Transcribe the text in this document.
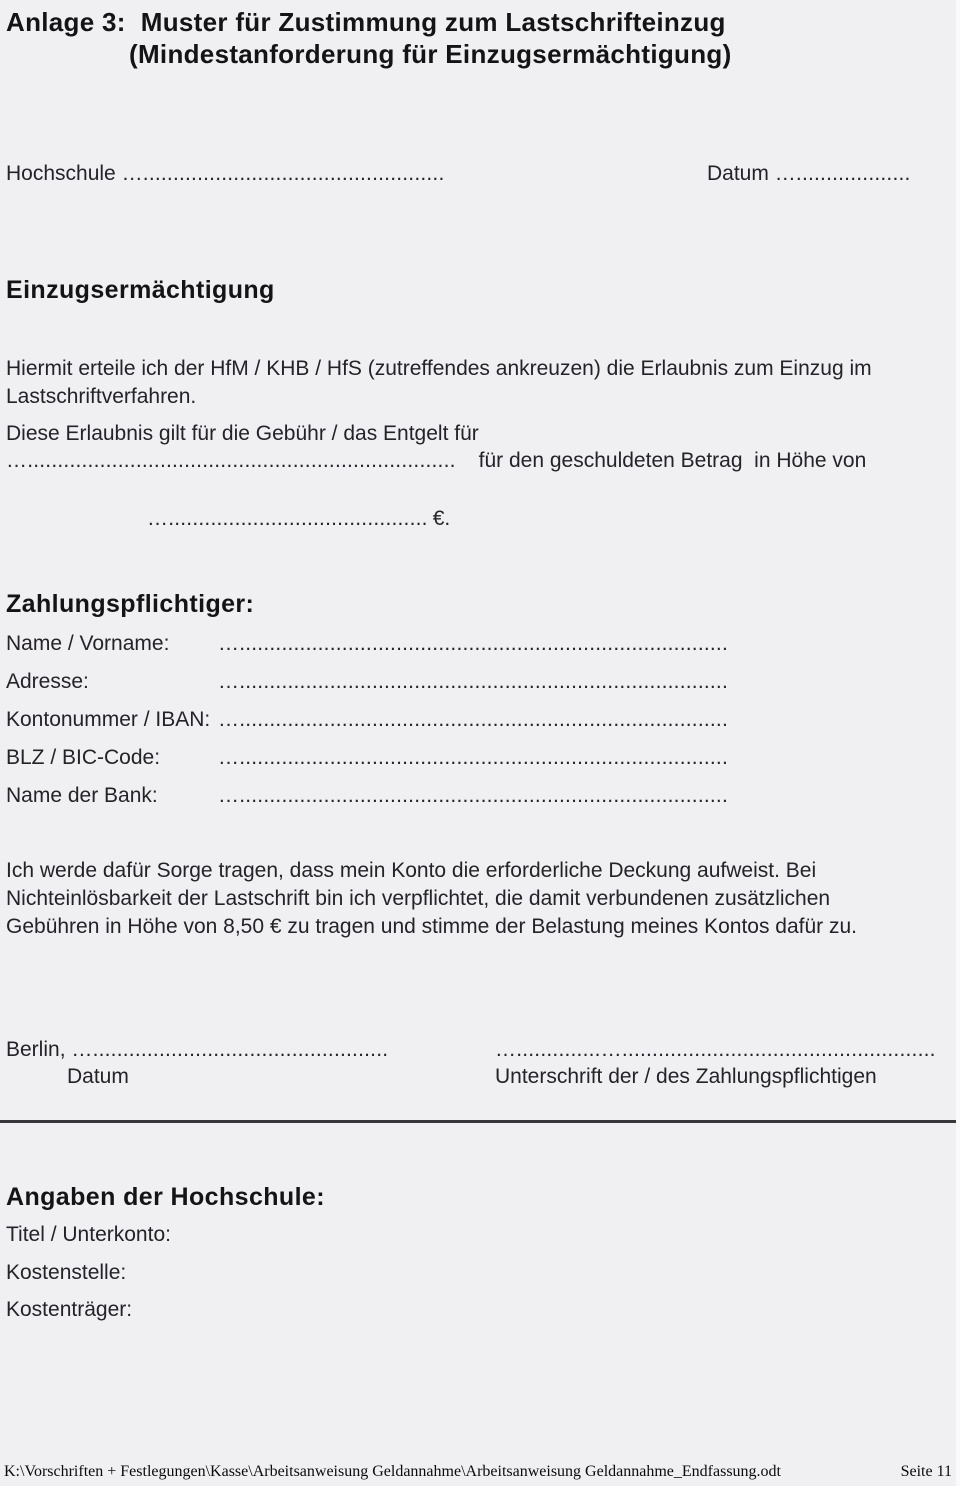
Anlage 3:  Muster für Zustimmung zum Lastschrifteinzug
(Mindestanforderung für Einzugsermächtigung)
Hochschule …..................................................	Datum …...................
Einzugsermächtigung
Hiermit erteile ich der HfM / KHB / HfS (zutreffendes ankreuzen) die Erlaubnis zum Einzug im
Lastschriftverfahren.
Diese Erlaubnis gilt für die Gebühr / das Entgelt für
…....................................................................... für den geschuldeten Betrag  in Höhe von
…........................................... €.
Zahlungspflichtiger:
Name / Vorname: ….................................................................................
Adresse:	….................................................................................
Kontonummer / IBAN: ….................................................................................
BLZ / BIC-Code:	….................................................................................
Name der Bank:	….................................................................................
Ich werde dafür Sorge tragen, dass mein Konto die erforderliche Deckung aufweist. Bei
Nichteinlösbarkeit der Lastschrift bin ich verpflichtet, die damit verbundenen zusätzlichen
Gebühren in Höhe von 8,50 € zu tragen und stimme der Belastung meines Kontos dafür zu.
Berlin, ….................................................	…..............…....................................................
Datum	Unterschrift der / des Zahlungspflichtigen
Angaben der Hochschule:
Titel / Unterkonto:
Kostenstelle:
Kostenträger:
K:\Vorschriften + Festlegungen\Kasse\Arbeitsanweisung Geldannahme\Arbeitsanweisung Geldannahme_Endfassung.odt	Seite 11
